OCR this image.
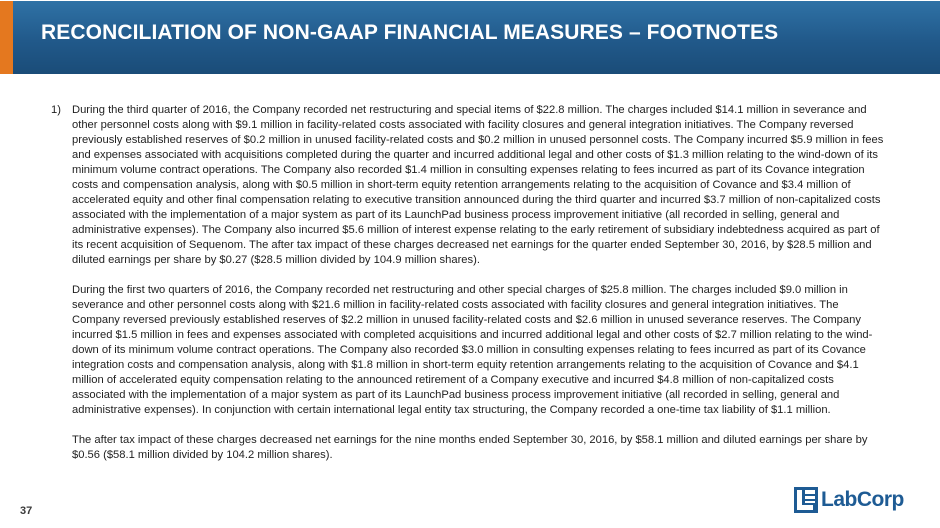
RECONCILIATION OF NON-GAAP FINANCIAL MEASURES – FOOTNOTES
1) During the third quarter of 2016, the Company recorded net restructuring and special items of $22.8 million. The charges included $14.1 million in severance and other personnel costs along with $9.1 million in facility-related costs associated with facility closures and general integration initiatives. The Company reversed previously established reserves of $0.2 million in unused facility-related costs and $0.2 million in unused personnel costs. The Company incurred $5.9 million in fees and expenses associated with acquisitions completed during the quarter and incurred additional legal and other costs of $1.3 million relating to the wind-down of its minimum volume contract operations. The Company also recorded $1.4 million in consulting expenses relating to fees incurred as part of its Covance integration costs and compensation analysis, along with $0.5 million in short-term equity retention arrangements relating to the acquisition of Covance and $3.4 million of accelerated equity and other final compensation relating to executive transition announced during the third quarter and incurred $3.7 million of non-capitalized costs associated with the implementation of a major system as part of its LaunchPad business process improvement initiative (all recorded in selling, general and administrative expenses). The Company also incurred $5.6 million of interest expense relating to the early retirement of subsidiary indebtedness acquired as part of its recent acquisition of Sequenom. The after tax impact of these charges decreased net earnings for the quarter ended September 30, 2016, by $28.5 million and diluted earnings per share by $0.27 ($28.5 million divided by 104.9 million shares).

During the first two quarters of 2016, the Company recorded net restructuring and other special charges of $25.8 million. The charges included $9.0 million in severance and other personnel costs along with $21.6 million in facility-related costs associated with facility closures and general integration initiatives. The Company reversed previously established reserves of $2.2 million in unused facility-related costs and $2.6 million in unused severance reserves. The Company incurred $1.5 million in fees and expenses associated with completed acquisitions and incurred additional legal and other costs of $2.7 million relating to the wind-down of its minimum volume contract operations. The Company also recorded $3.0 million in consulting expenses relating to fees incurred as part of its Covance integration costs and compensation analysis, along with $1.8 million in short-term equity retention arrangements relating to the acquisition of Covance and $4.1 million of accelerated equity compensation relating to the announced retirement of a Company executive and incurred $4.8 million of non-capitalized costs associated with the implementation of a major system as part of its LaunchPad business process improvement initiative (all recorded in selling, general and administrative expenses). In conjunction with certain international legal entity tax structuring, the Company recorded a one-time tax liability of $1.1 million.

The after tax impact of these charges decreased net earnings for the nine months ended September 30, 2016, by $58.1 million and diluted earnings per share by $0.56 ($58.1 million divided by 104.2 million shares).

37	LabCorp
